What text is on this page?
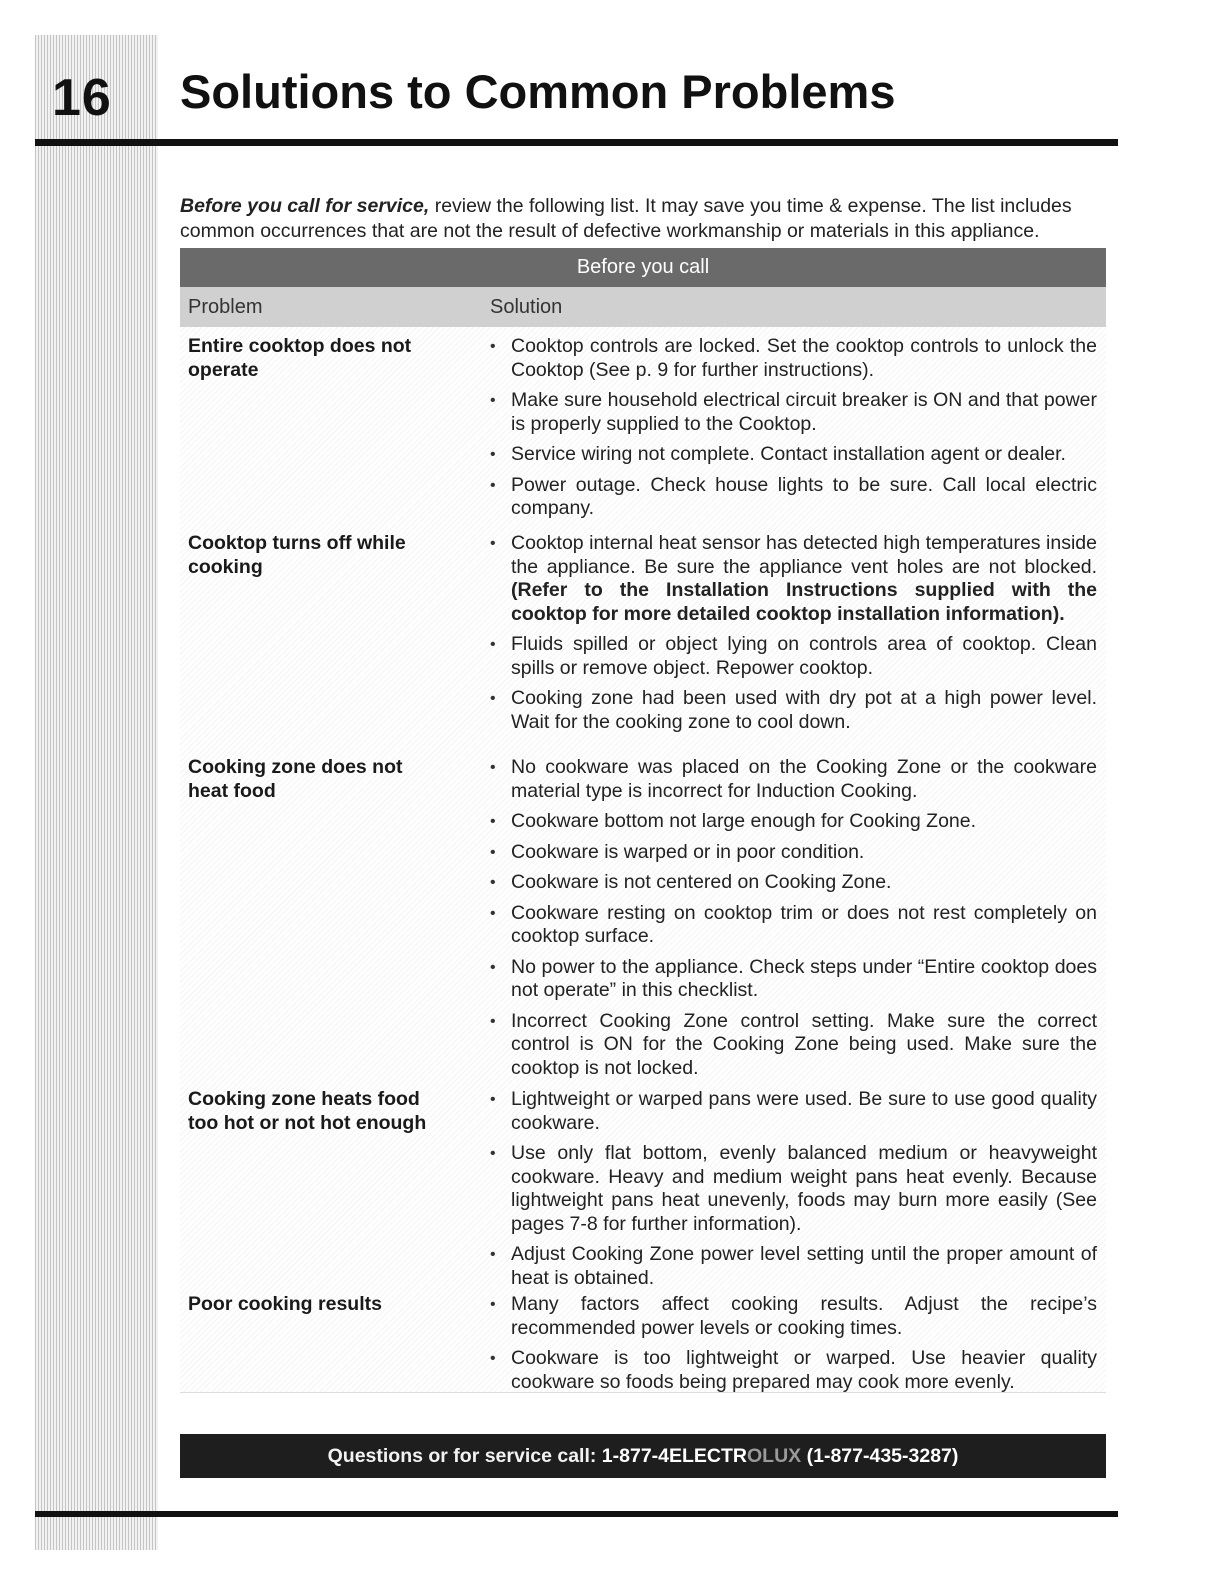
16 Solutions to Common Problems

Before you call for service, review the following list. It may save you time & expense. The list includes common occurrences that are not the result of defective workmanship or materials in this appliance.

Before you call
Problem	Solution
Entire cooktop does not operate
• Cooktop controls are locked. Set the cooktop controls to unlock the Cooktop (See p. 9 for further instructions).
• Make sure household electrical circuit breaker is ON and that power is properly supplied to the Cooktop.
• Service wiring not complete. Contact installation agent or dealer.
• Power outage. Check house lights to be sure. Call local electric company.
Cooktop turns off while cooking
• Cooktop internal heat sensor has detected high temperatures inside the appliance. Be sure the appliance vent holes are not blocked. (Refer to the Installation Instructions supplied with the cooktop for more detailed cooktop installation information).
• Fluids spilled or object lying on controls area of cooktop. Clean spills or remove object. Repower cooktop.
• Cooking zone had been used with dry pot at a high power level. Wait for the cooking zone to cool down.
Cooking zone does not heat food
• No cookware was placed on the Cooking Zone or the cookware material type is incorrect for Induction Cooking.
• Cookware bottom not large enough for Cooking Zone.
• Cookware is warped or in poor condition.
• Cookware is not centered on Cooking Zone.
• Cookware resting on cooktop trim or does not rest completely on cooktop surface.
• No power to the appliance. Check steps under “Entire cooktop does not operate” in this checklist.
• Incorrect Cooking Zone control setting. Make sure the correct control is ON for the Cooking Zone being used. Make sure the cooktop is not locked.
Cooking zone heats food too hot or not hot enough
• Lightweight or warped pans were used. Be sure to use good quality cookware.
• Use only flat bottom, evenly balanced medium or heavyweight cookware. Heavy and medium weight pans heat evenly. Because lightweight pans heat unevenly, foods may burn more easily (See pages 7-8 for further information).
• Adjust Cooking Zone power level setting until the proper amount of heat is obtained.
Poor cooking results
•	Many factors affect cooking results. Adjust the recipe’s recommended power levels or cooking times.
• Cookware is too lightweight or warped. Use heavier quality cookware so foods being prepared may cook more evenly.
Questions or for service call: 1-877-4ELECTROLUX (1-877-435-3287)
